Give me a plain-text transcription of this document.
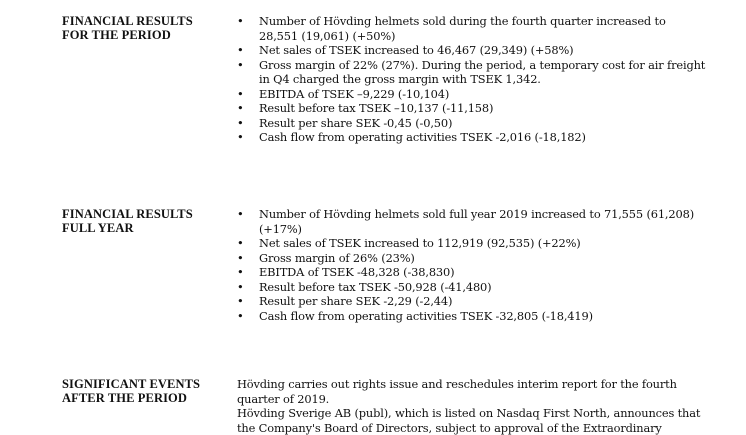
FINANCIAL RESULTS
FOR THE PERIOD
• Number of Hövding helmets sold during the fourth quarter increased to 28,551 (19,061) (+50%)
• Net sales of TSEK increased to 46,467 (29,349) (+58%)
• Gross margin of 22% (27%). During the period, a temporary cost for air freight in Q4 charged the gross margin with TSEK 1,342.
• EBITDA of TSEK –9,229 (-10,104)
• Result before tax TSEK –10,137 (-11,158)
• Result per share SEK -0,45 (-0,50)
• Cash flow from operating activities TSEK -2,016 (-18,182)
FINANCIAL RESULTS
FULL YEAR
• Number of Hövding helmets sold full year 2019 increased to 71,555 (61,208) (+17%)
• Net sales of TSEK increased to 112,919 (92,535) (+22%)
• Gross margin of 26% (23%)
• EBITDA of TSEK -48,328 (-38,830)
• Result before tax TSEK -50,928 (-41,480)
• Result per share SEK -2,29 (-2,44)
• Cash flow from operating activities TSEK -32,805 (-18,419)
SIGNIFICANT EVENTS
AFTER THE PERIOD

Hövding carries out rights issue and reschedules interim report for the fourth quarter of 2019.

Hövding Sverige AB (publ), which is listed on Nasdaq First North, announces that the Company's Board of Directors, subject to approval of the Extraordinary
